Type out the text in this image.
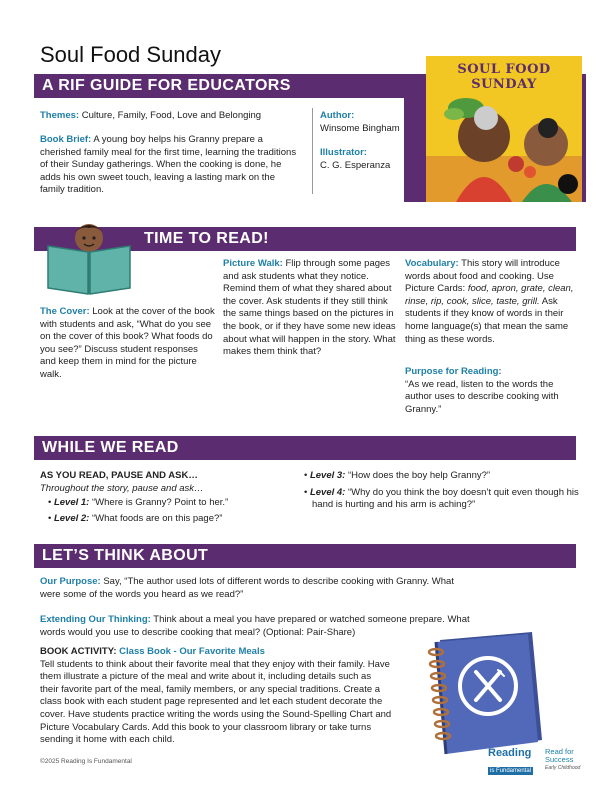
Soul Food Sunday
A RIF GUIDE FOR EDUCATORS
SOUL FOOD SUNDAY
Themes: Culture, Family, Food, Love and Belonging
Book Brief: A young boy helps his Granny prepare a cherished family meal for the first time, learning the traditions of their Sunday gatherings. When the cooking is done, he adds his own sweet touch, leaving a lasting mark on the family tradition.
Author:
Winsome Bingham
Illustrator:
C. G. Esperanza
TIME TO READ!
The Cover: Look at the cover of the book with students and ask, “What do you see on the cover of this book? What foods do you see?” Discuss student responses and keep them in mind for the picture walk.
Picture Walk: Flip through some pages and ask students what they notice. Remind them of what they shared about the cover. Ask students if they still think the same things based on the pictures in the book, or if they have some new ideas about what will happen in the story. What makes them think that?
Vocabulary: This story will introduce words about food and cooking. Use Picture Cards: food, apron, grate, clean, rinse, rip, cook, slice, taste, grill. Ask students if they know of words in their home language(s) that mean the same thing as these words.
Purpose for Reading:
“As we read, listen to the words the author uses to describe cooking with Granny.”
WHILE WE READ
AS YOU READ, PAUSE AND ASK…
Throughout the story, pause and ask…
• Level 1: “Where is Granny? Point to her.”
• Level 2: “What foods are on this page?”
• Level 3: “How does the boy help Granny?”
• Level 4: “Why do you think the boy doesn’t quit even though his hand is hurting and his arm is aching?”
LET’S THINK ABOUT
Our Purpose: Say, “The author used lots of different words to describe cooking with Granny. What were some of the words you heard as we read?”
Extending Our Thinking: Think about a meal you have prepared or watched someone prepare. What words would you use to describe cooking that meal? (Optional: Pair-Share)
BOOK ACTIVITY: Class Book - Our Favorite Meals
Tell students to think about their favorite meal that they enjoy with their family. Have them illustrate a picture of the meal and write about it, including details such as their favorite part of the meal, family members, or any special traditions. Create a class book with each student page represented and let each student decorate the cover. Have students practice writing the words using the Sound-Spelling Chart and Picture Vocabulary Cards. Add this book to your classroom library or take turns sending it home with each child.
©2025 Reading Is Fundamental
Reading
is Fundamental
Read for
Success
Early Childhood
